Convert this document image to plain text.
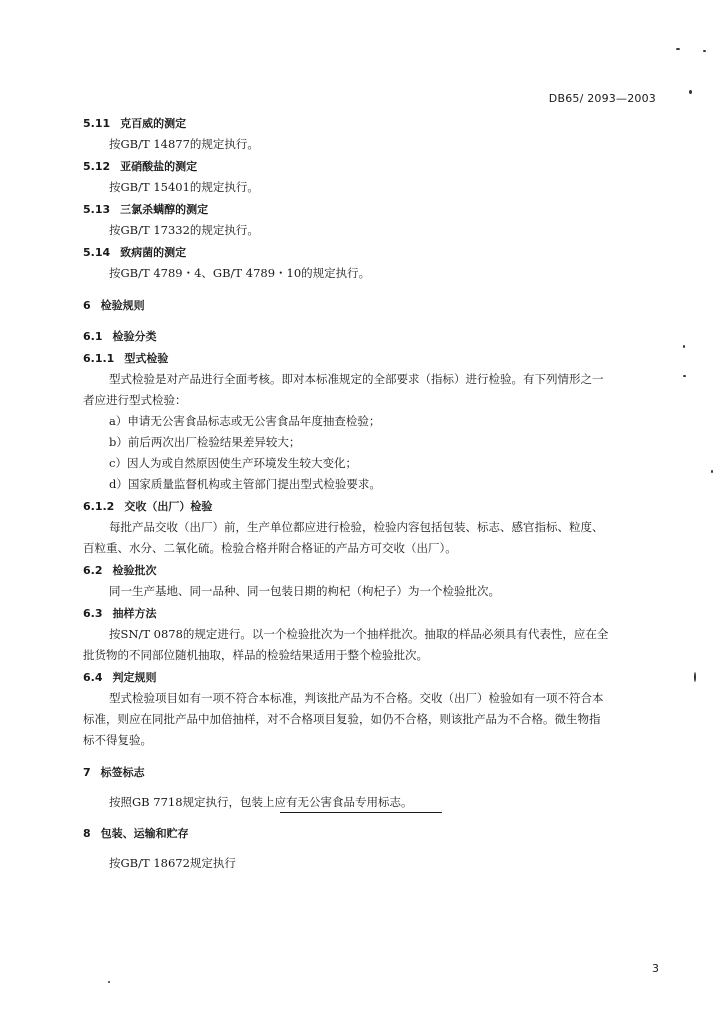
DB65/ 2093—2003
5.11 克百威的测定
按GB/T 14877的规定执行。
5.12 亚硝酸盐的测定
按GB/T 15401的规定执行。
5.13 三氯杀螨醇的测定
按GB/T 17332的规定执行。
5.14 致病菌的测定
按GB/T 4789・4、GB/T 4789・10的规定执行。
6 检验规则
6.1 检验分类
6.1.1 型式检验
型式检验是对产品进行全面考核。即对本标准规定的全部要求（指标）进行检验。有下列情形之一
者应进行型式检验：
a）申请无公害食品标志或无公害食品年度抽查检验；
b）前后两次出厂检验结果差异较大；
c）因人为或自然原因使生产环境发生较大变化；
d）国家质量监督机构或主管部门提出型式检验要求。
6.1.2 交收（出厂）检验
每批产品交收（出厂）前，生产单位都应进行检验，检验内容包括包装、标志、感官指标、粒度、
百粒重、水分、二氧化硫。检验合格并附合格证的产品方可交收（出厂）。
6.2 检验批次
同一生产基地、同一品种、同一包装日期的枸杞（枸杞子）为一个检验批次。
6.3 抽样方法
按SN/T 0878的规定进行。以一个检验批次为一个抽样批次。抽取的样品必须具有代表性，应在全
批货物的不同部位随机抽取，样品的检验结果适用于整个检验批次。
6.4 判定规则
型式检验项目如有一项不符合本标准，判该批产品为不合格。交收（出厂）检验如有一项不符合本
标准，则应在同批产品中加倍抽样，对不合格项目复验，如仍不合格，则该批产品为不合格。微生物指
标不得复验。
7 标签标志
按照GB 7718规定执行，包装上应有无公害食品专用标志。
8 包装、运输和贮存
按GB/T 18672规定执行
3
